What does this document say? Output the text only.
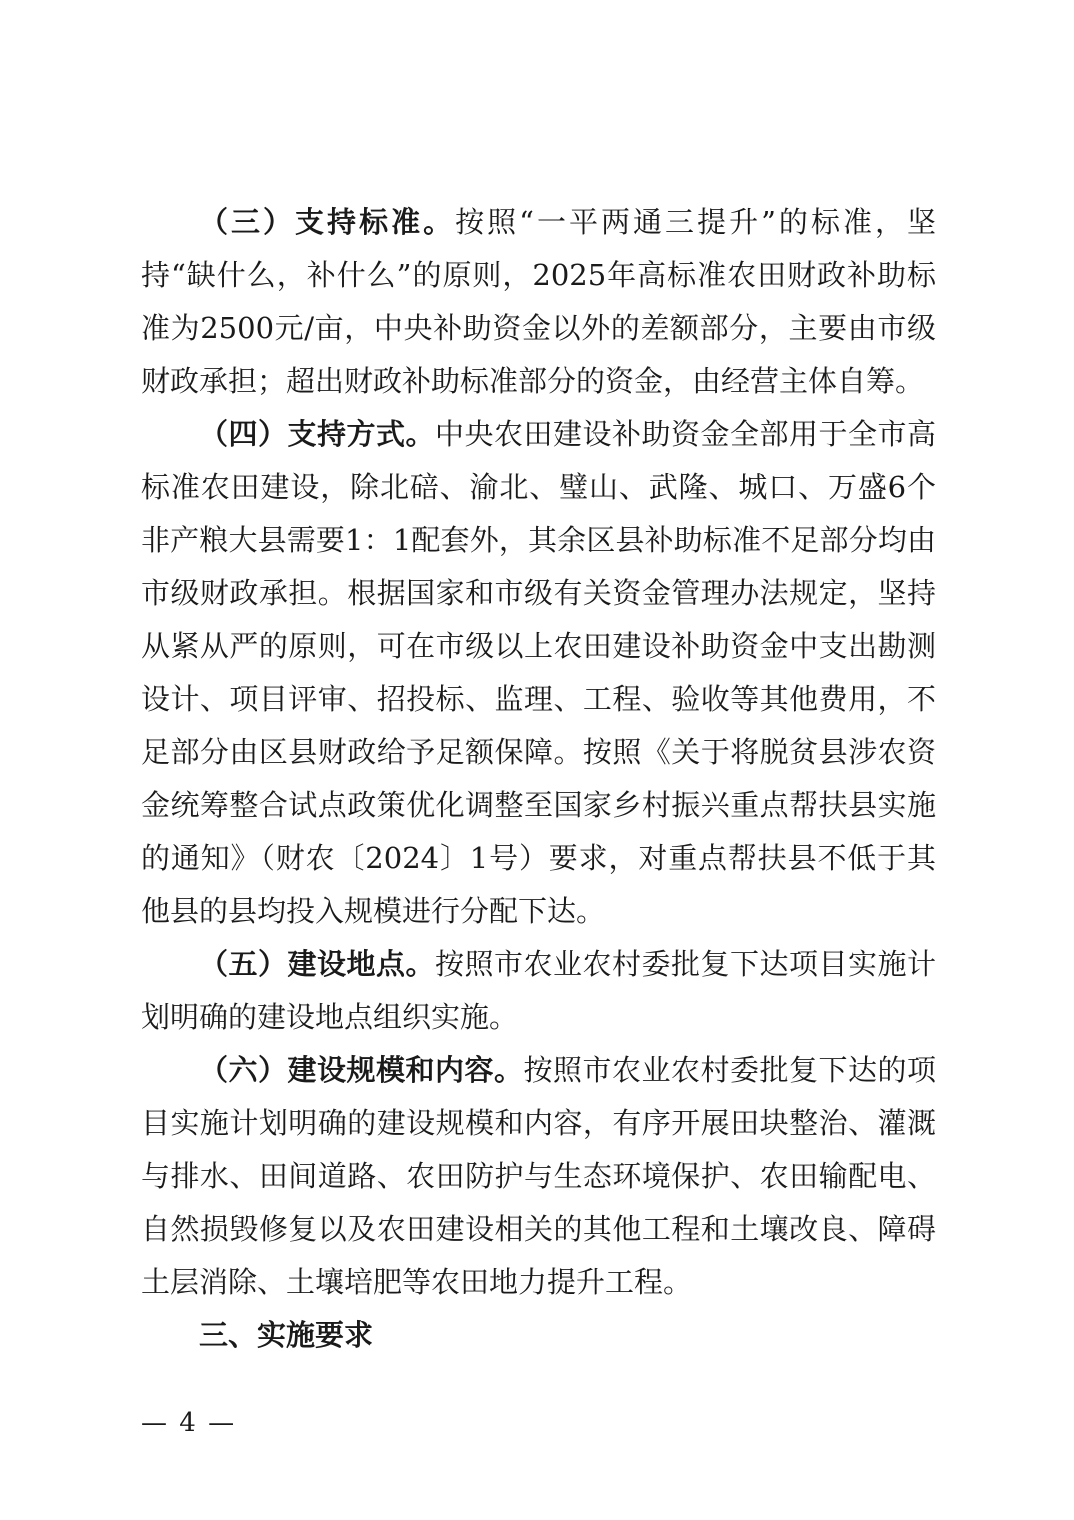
（三）支持标准。按照“一平两通三提升”的标准，坚持“缺什么，补什么”的原则，2025年高标准农田财政补助标准为2500元/亩，中央补助资金以外的差额部分，主要由市级财政承担；超出财政补助标准部分的资金，由经营主体自筹。

（四）支持方式。中央农田建设补助资金全部用于全市高标准农田建设，除北碚、渝北、璧山、武隆、城口、万盛6个非产粮大县需要1：1配套外，其余区县补助标准不足部分均由市级财政承担。根据国家和市级有关资金管理办法规定，坚持从紧从严的原则，可在市级以上农田建设补助资金中支出勘测设计、项目评审、招投标、监理、工程、验收等其他费用，不足部分由区县财政给予足额保障。按照《关于将脱贫县涉农资金统筹整合试点政策优化调整至国家乡村振兴重点帮扶县实施的通知》（财农〔2024〕1号）要求，对重点帮扶县不低于其他县的县均投入规模进行分配下达。

（五）建设地点。按照市农业农村委批复下达项目实施计划明确的建设地点组织实施。

（六）建设规模和内容。按照市农业农村委批复下达的项目实施计划明确的建设规模和内容，有序开展田块整治、灌溉与排水、田间道路、农田防护与生态环境保护、农田输配电、自然损毁修复以及农田建设相关的其他工程和土壤改良、障碍土层消除、土壤培肥等农田地力提升工程。

三、实施要求

— 4 —
